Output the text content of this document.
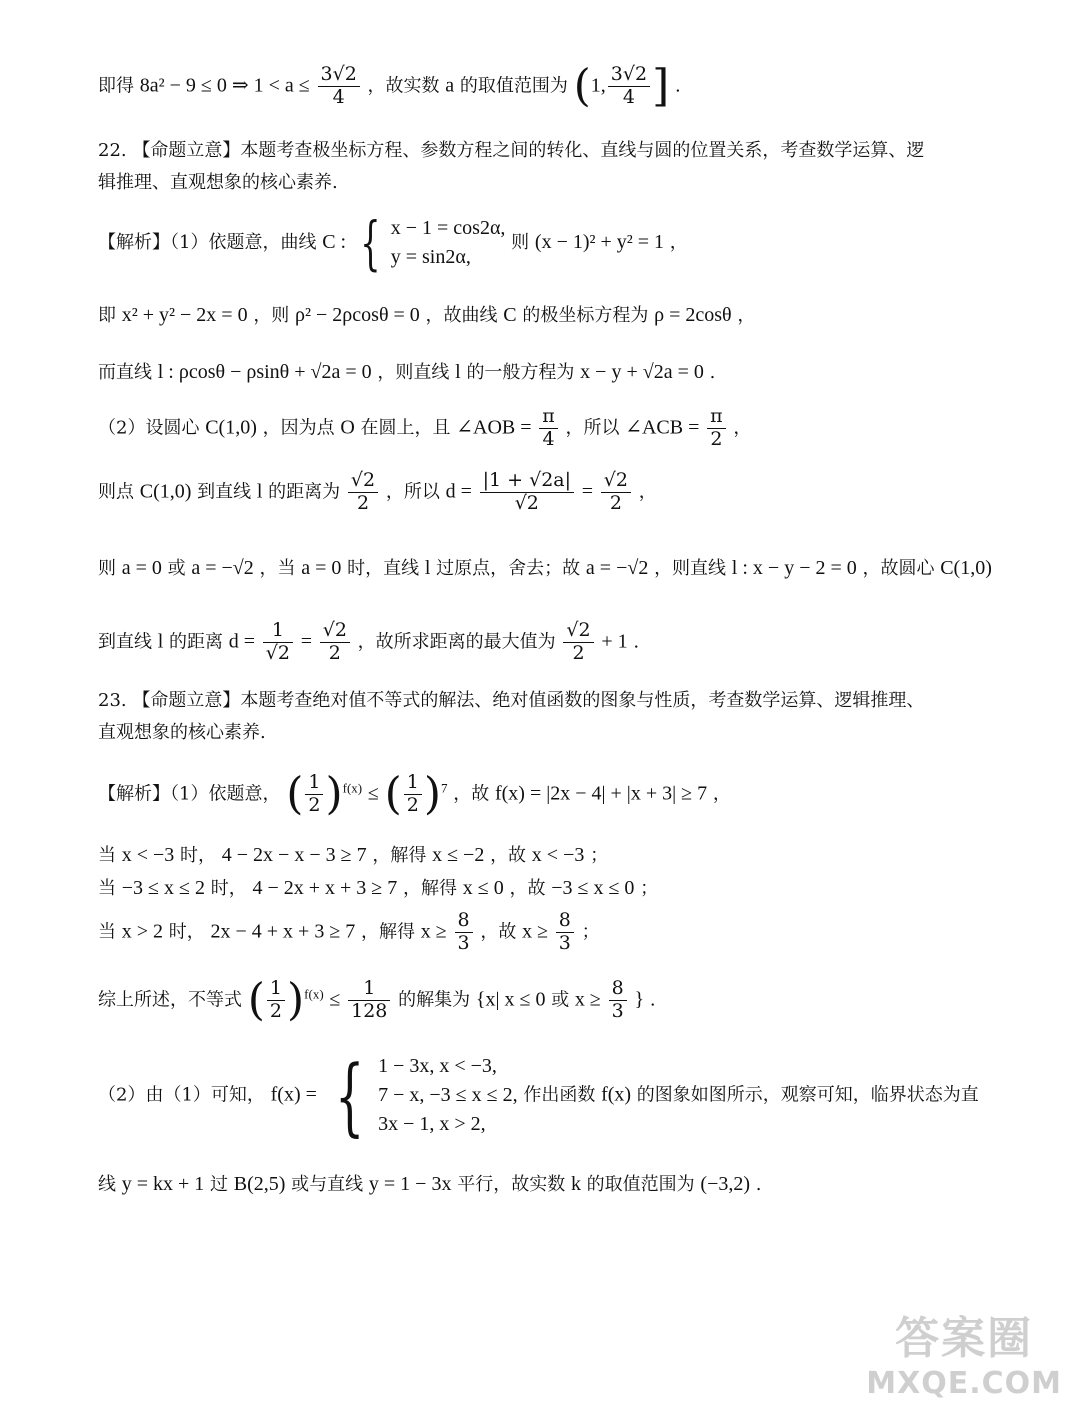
即得 8a² − 9 ≤ 0 ⇒ $1 < a \le \frac{3√2}{4}$ ，故实数 a 的取值范围为 (1, $\frac{3√2}{4}$ ] .
22. 【命题立意】本题考查极坐标方程、参数方程之间的转化、直线与圆的位置关系，考查数学运算、逻
辑推理、直观想象的核心素养.
【解析】（1）依题意，曲线 C : { x − 1 = cos2α,
y = sin2α,
则 (x − 1)² + y² = 1 ，
即 x² + y² − 2x = 0 ，则 ρ² − 2ρcosθ = 0 ，故曲线 C 的极坐标方程为 ρ = 2cosθ ，
而直线 l : ρcosθ − ρsinθ + √2a = 0 ，则直线 l 的一般方程为 x − y + √2a = 0 .
（2）设圆心 C(1,0) ，因为点 O 在圆上，且 ∠AOB = $\frac{\pi}{4}$ ，所以 ∠ACB = $\frac{\pi}{2}$ ，
则点 C(1,0) 到直线 l 的距离为 $\frac{√2}{2}$ ，所以 $d = \frac{|1 + √2a|}{√2} = \frac{√2}{2}$ ，
则 a = 0 或 a = −√2 ，当 a = 0 时，直线 l 过原点，舍去；故 a = −√2 ，则直线 l : x − y − 2 = 0 ，故圆心 C(1,0)
到直线 l 的距离 $d = \frac{1}{√2} = \frac{√2}{2}$ ，故所求距离的最大值为 $\frac{√2}{2} + 1$ .
23. 【命题立意】本题考查绝对值不等式的解法、绝对值函数的图象与性质，考查数学运算、逻辑推理、
直观想象的核心素养.
【解析】（1）依题意， ( $\frac{1}{2} )^{f(x)}$ ≤ ( $\frac{1}{2} )^7$ ，故 f(x) = |2x − 4| + |x + 3| ≥ 7 ，
当 x < −3 时， 4 − 2x − x − 3 ≥ 7 ，解得 x ≤ −2 ，故 x < −3 ；
当 −3 ≤ x ≤ 2 时， 4 − 2x + x + 3 ≥ 7 ，解得 x ≤ 0 ，故 −3 ≤ x ≤ 0 ；
当 x > 2 时， 2x − 4 + x + 3 ≥ 7 ，解得 $x \ge \frac{8}{3}$ ，故 $x \ge \frac{8}{3}$ ；
综上所述，不等式 ( $\frac{1}{2} )^{f(x)} \le \frac{1}{128}$ 的解集为 {x| x ≤ 0 或 $x \ge \frac{8}{3}$ } .
（2）由（1）可知， f(x) = { 1 − 3x, x < −3,
7 − x, −3 ≤ x ≤ 2,
3x − 1, x > 2,
作出函数 f(x) 的图象如图所示，观察可知，临界状态为直
线 y = kx + 1 过 B(2,5) 或与直线 y = 1 − 3x 平行，故实数 k 的取值范围为 (−3,2) .
答案圈
MXQE.COM
